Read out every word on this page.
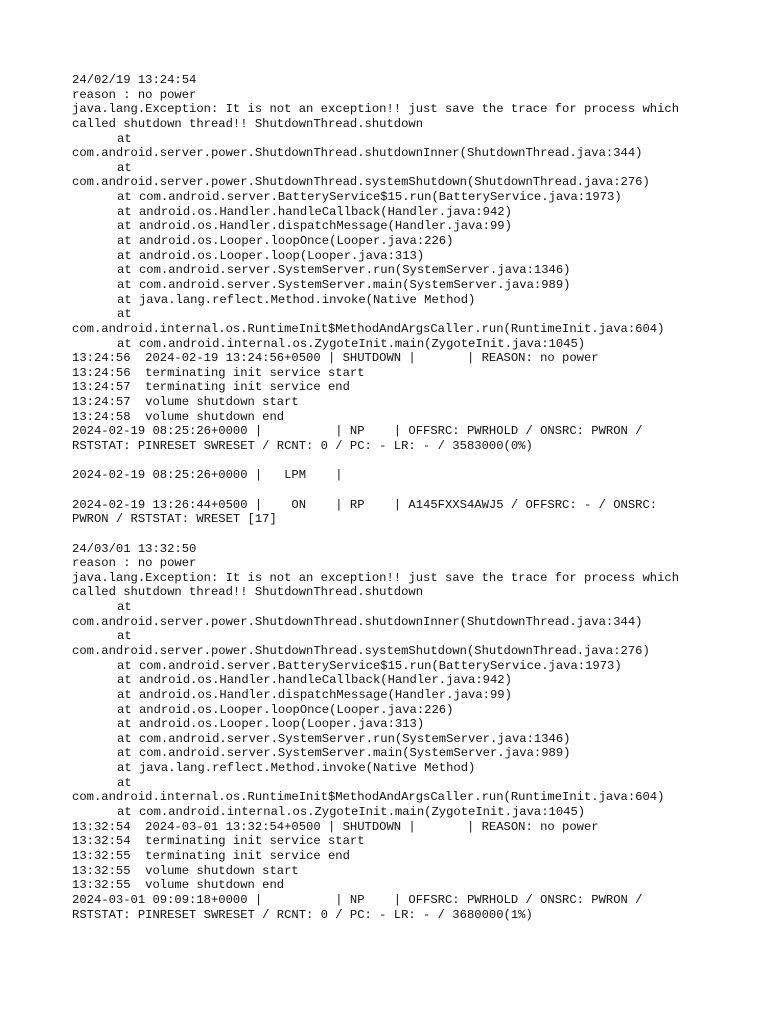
24/02/19 13:24:54
reason : no power
java.lang.Exception: It is not an exception!! just save the trace for process which
called shutdown thread!! ShutdownThread.shutdown
at
com.android.server.power.ShutdownThread.shutdownInner(ShutdownThread.java:344)
at
com.android.server.power.ShutdownThread.systemShutdown(ShutdownThread.java:276)
at com.android.server.BatteryService$15.run(BatteryService.java:1973)
at android.os.Handler.handleCallback(Handler.java:942)
at android.os.Handler.dispatchMessage(Handler.java:99)
at android.os.Looper.loopOnce(Looper.java:226)
at android.os.Looper.loop(Looper.java:313)
at com.android.server.SystemServer.run(SystemServer.java:1346)
at com.android.server.SystemServer.main(SystemServer.java:989)
at java.lang.reflect.Method.invoke(Native Method)
at
com.android.internal.os.RuntimeInit$MethodAndArgsCaller.run(RuntimeInit.java:604)
at com.android.internal.os.ZygoteInit.main(ZygoteInit.java:1045)
13:24:56  2024-02-19 13:24:56+0500 | SHUTDOWN |       | REASON: no power
13:24:56  terminating init service start
13:24:57  terminating init service end
13:24:57  volume shutdown start
13:24:58  volume shutdown end
2024-02-19 08:25:26+0000 |          | NP    | OFFSRC: PWRHOLD / ONSRC: PWRON /
RSTSTAT: PINRESET SWRESET / RCNT: 0 / PC: - LR: - / 3583000(0%)
2024-02-19 08:25:26+0000 |   LPM    |
2024-02-19 13:26:44+0500 |    ON    | RP    | A145FXXS4AWJ5 / OFFSRC: - / ONSRC:
PWRON / RSTSTAT: WRESET [17]
24/03/01 13:32:50
reason : no power
java.lang.Exception: It is not an exception!! just save the trace for process which
called shutdown thread!! ShutdownThread.shutdown
at
com.android.server.power.ShutdownThread.shutdownInner(ShutdownThread.java:344)
at
com.android.server.power.ShutdownThread.systemShutdown(ShutdownThread.java:276)
at com.android.server.BatteryService$15.run(BatteryService.java:1973)
at android.os.Handler.handleCallback(Handler.java:942)
at android.os.Handler.dispatchMessage(Handler.java:99)
at android.os.Looper.loopOnce(Looper.java:226)
at android.os.Looper.loop(Looper.java:313)
at com.android.server.SystemServer.run(SystemServer.java:1346)
at com.android.server.SystemServer.main(SystemServer.java:989)
at java.lang.reflect.Method.invoke(Native Method)
at
com.android.internal.os.RuntimeInit$MethodAndArgsCaller.run(RuntimeInit.java:604)
at com.android.internal.os.ZygoteInit.main(ZygoteInit.java:1045)
13:32:54  2024-03-01 13:32:54+0500 | SHUTDOWN |       | REASON: no power
13:32:54  terminating init service start
13:32:55  terminating init service end
13:32:55  volume shutdown start
13:32:55  volume shutdown end
2024-03-01 09:09:18+0000 |          | NP    | OFFSRC: PWRHOLD / ONSRC: PWRON /
RSTSTAT: PINRESET SWRESET / RCNT: 0 / PC: - LR: - / 3680000(1%)
